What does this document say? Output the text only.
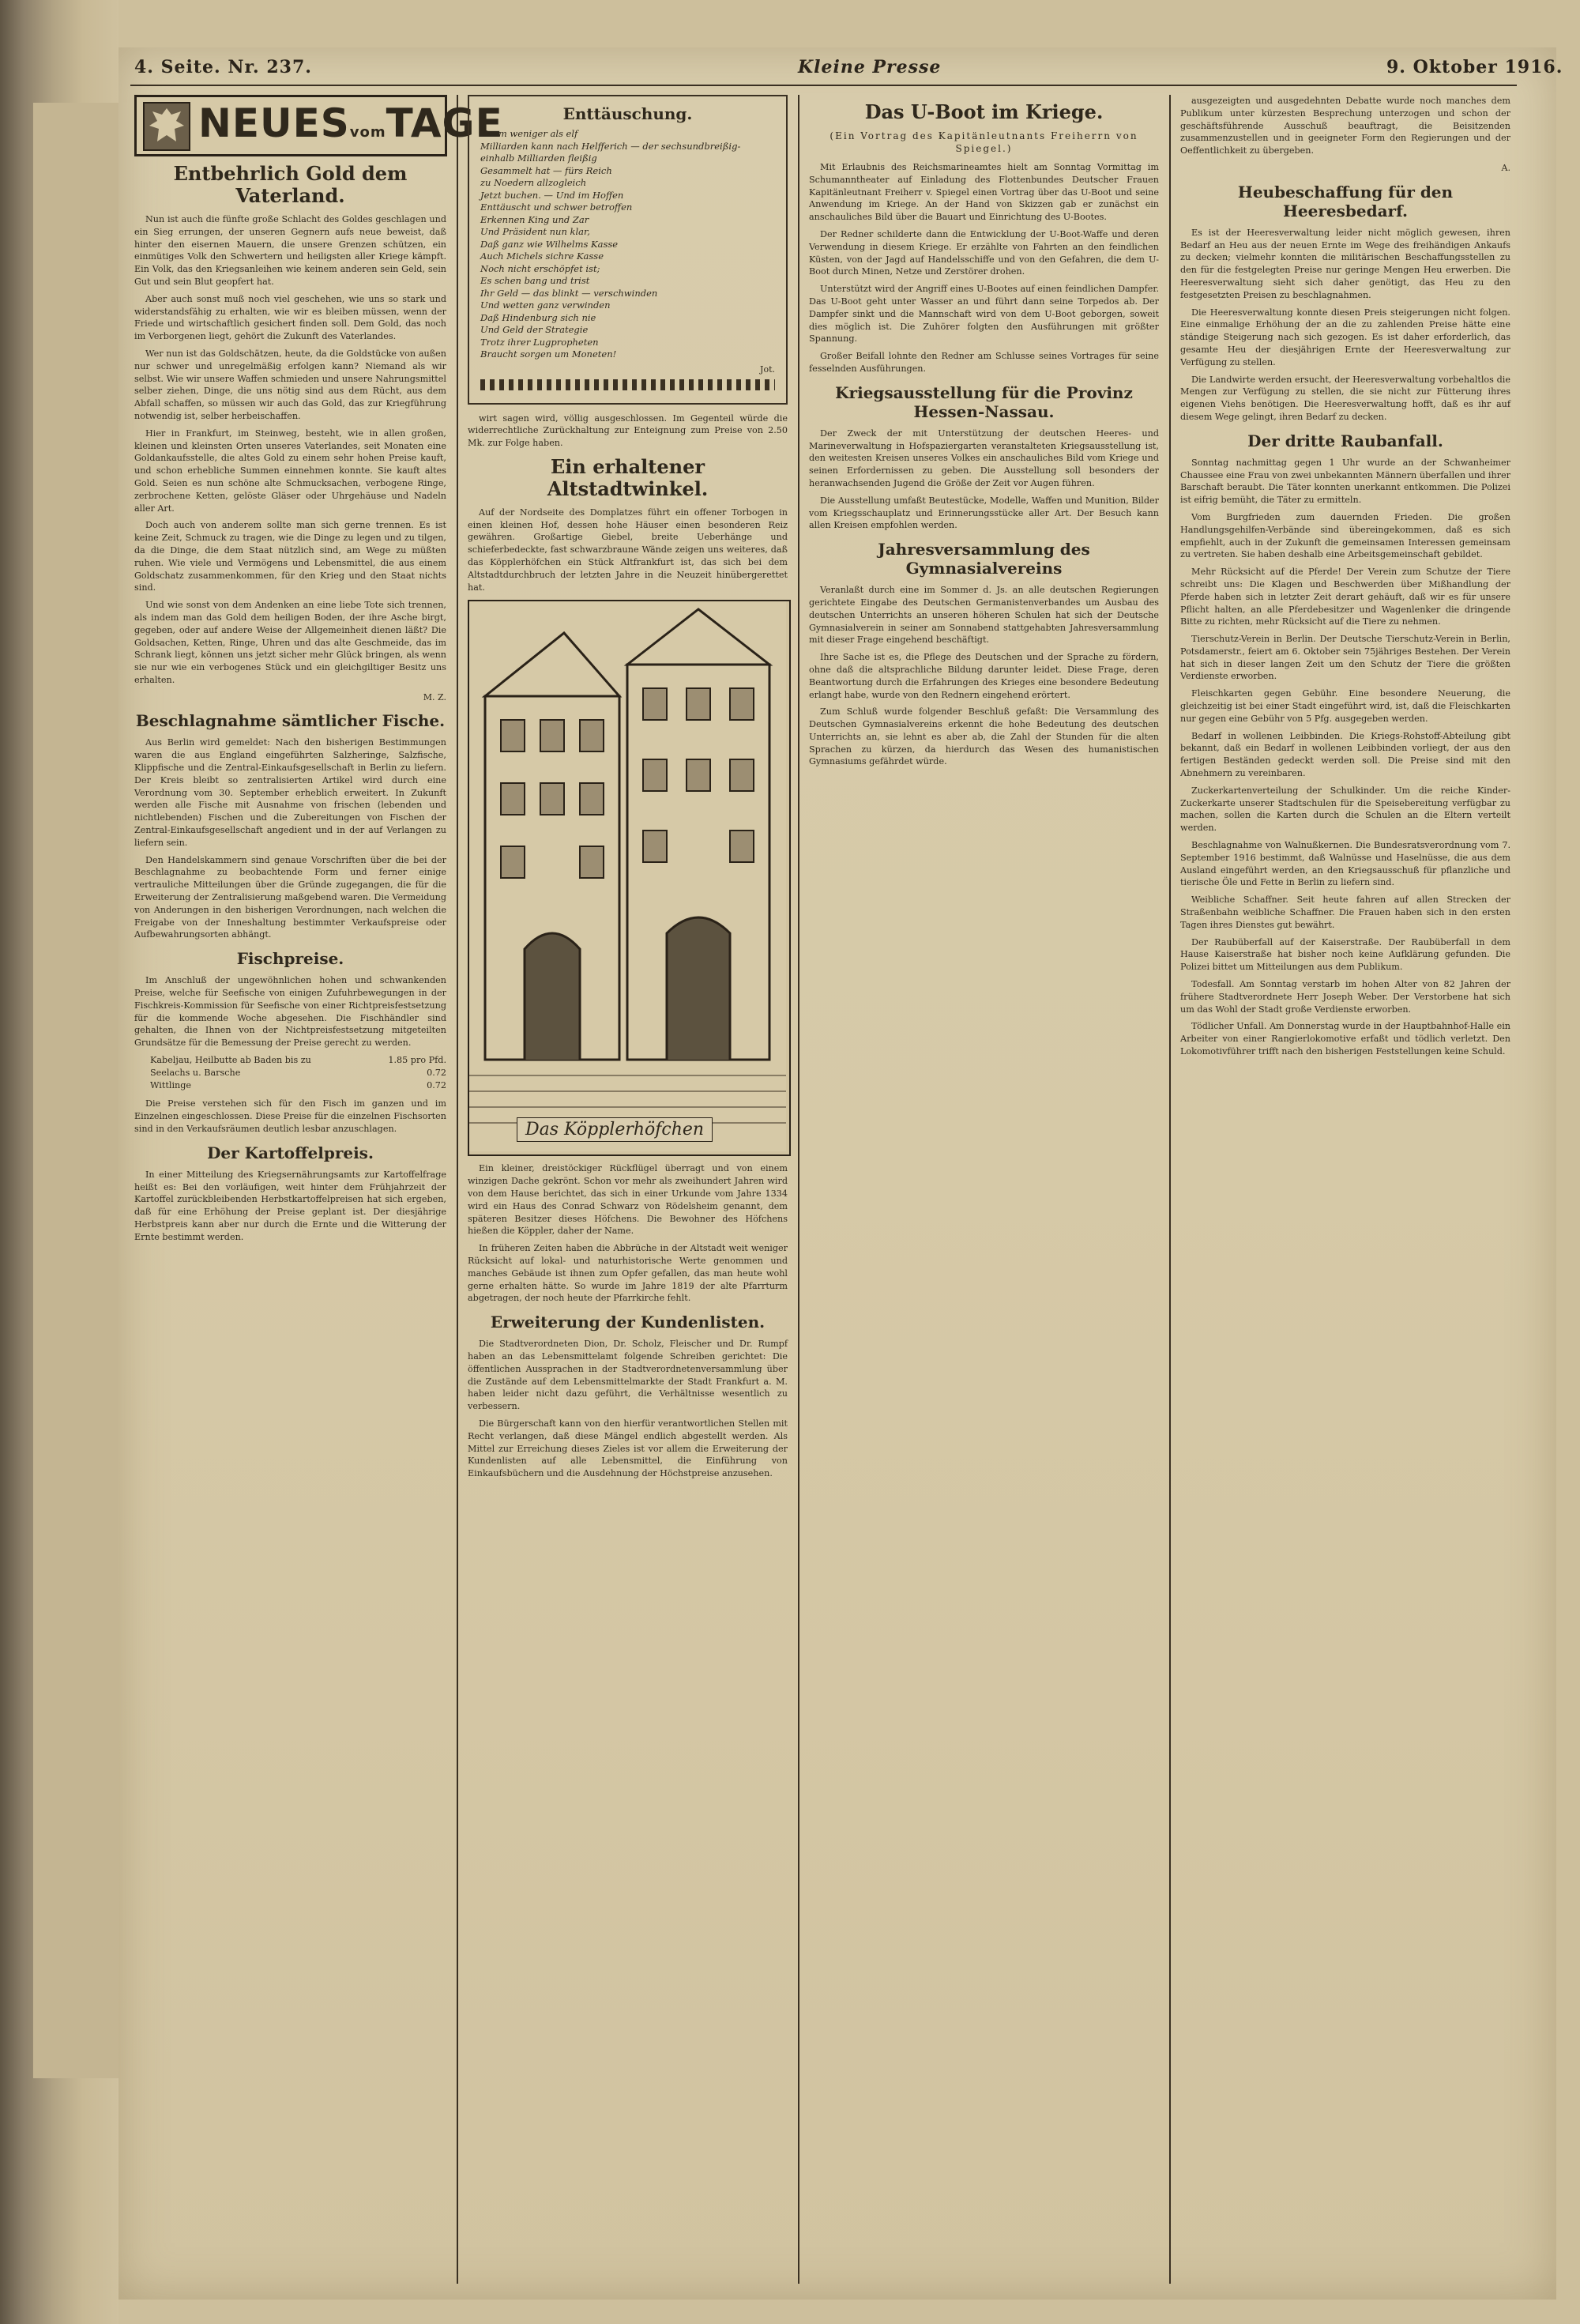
4. Seite. Nr. 237.	Kleine Presse	9. Oktober 1916.
NEUESvomTAGE
Entbehrlich Gold dem Vaterland.

Nun ist auch die fünfte große Schlacht des Goldes geschlagen und ein Sieg errungen, der unseren Gegnern aufs neue beweist, daß hinter den eisernen Mauern, die unsere Grenzen schützen, ein einmütiges Volk den Schwertern und heiligsten aller Kriege kämpft. Ein Volk, das den Kriegsanleihen wie keinem anderen sein Geld, sein Gut und sein Blut geopfert hat.

Aber auch sonst muß noch viel geschehen, wie uns so stark und widerstandsfähig zu erhalten, wie wir es bleiben müssen, wenn der Friede und wirtschaftlich gesichert finden soll. Dem Gold, das noch im Verborgenen liegt, gehört die Zukunft des Vaterlandes.

Wer nun ist das Goldschätzen, heute, da die Goldstücke von außen nur schwer und unregelmäßig erfolgen kann? Niemand als wir selbst. Wie wir unsere Waffen schmieden und unsere Nahrungsmittel selber ziehen, Dinge, die uns nötig sind aus dem Rücht, aus dem Abfall schaffen, so müssen wir auch das Gold, das zur Kriegführung notwendig ist, selber herbeischaffen.

Hier in Frankfurt, im Steinweg, besteht, wie in allen großen, kleinen und kleinsten Orten unseres Vaterlandes, seit Monaten eine Goldankaufsstelle, die altes Gold zu einem sehr hohen Preise kauft, und schon erhebliche Summen einnehmen konnte. Sie kauft altes Gold. Seien es nun schöne alte Schmucksachen, verbogene Ringe, zerbrochene Ketten, gelöste Gläser oder Uhrgehäuse und Nadeln aller Art.

Doch auch von anderem sollte man sich gerne trennen. Es ist keine Zeit, Schmuck zu tragen, wie die Dinge zu legen und zu tilgen, da die Dinge, die dem Staat nützlich sind, am Wege zu müßten ruhen. Wie viele und Vermögens und Lebensmittel, die aus einem Goldschatz zusammenkommen, für den Krieg und den Staat nichts sind.

Und wie sonst von dem Andenken an eine liebe Tote sich trennen, als indem man das Gold dem heiligen Boden, der ihre Asche birgt, gegeben, oder auf andere Weise der Allgemeinheit dienen läßt? Die Goldsachen, Ketten, Ringe, Uhren und das alte Geschmeide, das im Schrank liegt, können uns jetzt sicher mehr Glück bringen, als wenn sie nur wie ein verbogenes Stück und ein gleichgiltiger Besitz uns erhalten.

M. Z.

Beschlagnahme sämtlicher Fische.

Aus Berlin wird gemeldet: Nach den bisherigen Bestimmungen waren die aus England eingeführten Salzheringe, Salzfische, Klippfische und die Zentral-Einkaufsgesellschaft in Berlin zu liefern. Der Kreis bleibt so zentralisierten Artikel wird durch eine Verordnung vom 30. September erheblich erweitert. In Zukunft werden alle Fische mit Ausnahme von frischen (lebenden und nichtlebenden) Fischen und die Zubereitungen von Fischen der Zentral-Einkaufsgesellschaft angedient und in der auf Verlangen zu liefern sein.

Den Handelskammern sind genaue Vorschriften über die bei der Beschlagnahme zu beobachtende Form und ferner einige vertrauliche Mitteilungen über die Gründe zugegangen, die für die Erweiterung der Zentralisierung maßgebend waren. Die Vermeidung von Anderungen in den bisherigen Verordnungen, nach welchen die Freigabe von der Inneshaltung bestimmter Verkaufspreise oder Aufbewahrungsorten abhängt.

Fischpreise.

Im Anschluß der ungewöhnlichen hohen und schwankenden Preise, welche für Seefische von einigen Zufuhrbewegungen in der Fischkreis-Kommission für Seefische von einer Richtpreisfestsetzung für die kommende Woche abgesehen. Die Fischhändler sind gehalten, die Ihnen von der Nichtpreisfestsetzung mitgeteilten Grundsätze für die Bemessung der Preise gerecht zu werden.

Kabeljau, Heilbutte ab Baden bis zu	1.85 pro Pfd.
Seelachs u. Barsche	0.72
Wittlinge	0.72

Die Preise verstehen sich für den Fisch im ganzen und im Einzelnen eingeschlossen. Diese Preise für die einzelnen Fischsorten sind in den Verkaufsräumen deutlich lesbar anzuschlagen.

Der Kartoffelpreis.

In einer Mitteilung des Kriegsernährungsamts zur Kartoffelfrage heißt es: Bei den vorläufigen, weit hinter dem Frühjahrzeit der Kartoffel zurückbleibenden Herbstkartoffelpreisen hat sich ergeben, daß für eine Erhöhung der Preise geplant ist. Der diesjährige Herbstpreis kann aber nur durch die Ernte und die Witterung der Ernte bestimmt werden.

Enttäuschung.
Kaum weniger als elf
Milliarden kann nach Helfferich — der sechsundbreißig-
einhalb Milliarden fleißig
Gesammelt hat — fürs Reich
zu Noedern allzogleich
Jetzt buchen. — Und im Hoffen
Enttäuscht und schwer betroffen
Erkennen King und Zar
Und Präsident nun klar,
Daß ganz wie Wilhelms Kasse
Auch Michels sichre Kasse
Noch nicht erschöpfet ist;
Es schen bang und trist
Ihr Geld — das blinkt — verschwinden
Und wetten ganz verwinden
Daß Hindenburg sich nie
Und Geld der Strategie
Trotz ihrer Lugpropheten
Braucht sorgen um Moneten!
Jot.

wirt sagen wird, völlig ausgeschlossen. Im Gegenteil würde die widerrechtliche Zurückhaltung zur Enteignung zum Preise von 2.50 Mk. zur Folge haben.

Ein erhaltener Altstadtwinkel.

Auf der Nordseite des Domplatzes führt ein offener Torbogen in einen kleinen Hof, dessen hohe Häuser einen besonderen Reiz gewähren. Großartige Giebel, breite Ueberhänge und schieferbedeckte, fast schwarzbraune Wände zeigen uns weiteres, daß das Köpplerhöfchen ein Stück Altfrankfurt ist, das sich bei dem Altstadtdurchbruch der letzten Jahre in die Neuzeit hinübergerettet hat.

Das Köpplerhöfchen

Ein kleiner, dreistöckiger Rückflügel überragt und von einem winzigen Dache gekrönt. Schon vor mehr als zweihundert Jahren wird von dem Hause berichtet, das sich in einer Urkunde vom Jahre 1334 wird ein Haus des Conrad Schwarz von Rödelsheim genannt, dem späteren Besitzer dieses Höfchens. Die Bewohner des Höfchens hießen die Köppler, daher der Name.

In früheren Zeiten haben die Abbrüche in der Altstadt weit weniger Rücksicht auf lokal- und naturhistorische Werte genommen und manches Gebäude ist ihnen zum Opfer gefallen, das man heute wohl gerne erhalten hätte. So wurde im Jahre 1819 der alte Pfarrturm abgetragen, der noch heute der Pfarrkirche fehlt.

Erweiterung der Kundenlisten.

Die Stadtverordneten Dion, Dr. Scholz, Fleischer und Dr. Rumpf haben an das Lebensmittelamt folgende Schreiben gerichtet: Die öffentlichen Aussprachen in der Stadtverordnetenversammlung über die Zustände auf dem Lebensmittelmarkte der Stadt Frankfurt a. M. haben leider nicht dazu geführt, die Verhältnisse wesentlich zu verbessern.

Die Bürgerschaft kann von den hierfür verantwortlichen Stellen mit Recht verlangen, daß diese Mängel endlich abgestellt werden. Als Mittel zur Erreichung dieses Zieles ist vor allem die Erweiterung der Kundenlisten auf alle Lebensmittel, die Einführung von Einkaufsbüchern und die Ausdehnung der Höchstpreise anzusehen.

Das U-Boot im Kriege.
(Ein Vortrag des Kapitänleutnants Freiherrn von Spiegel.)

Mit Erlaubnis des Reichsmarineamtes hielt am Sonntag Vormittag im Schumanntheater auf Einladung des Flottenbundes Deutscher Frauen Kapitänleutnant Freiherr v. Spiegel einen Vortrag über das U-Boot und seine Anwendung im Kriege. An der Hand von Skizzen gab er zunächst ein anschauliches Bild über die Bauart und Einrichtung des U-Bootes.

Der Redner schilderte dann die Entwicklung der U-Boot-Waffe und deren Verwendung in diesem Kriege. Er erzählte von Fahrten an den feindlichen Küsten, von der Jagd auf Handelsschiffe und von den Gefahren, die dem U-Boot durch Minen, Netze und Zerstörer drohen.

Unterstützt wird der Angriff eines U-Bootes auf einen feindlichen Dampfer. Das U-Boot geht unter Wasser an und führt dann seine Torpedos ab. Der Dampfer sinkt und die Mannschaft wird von dem U-Boot geborgen, soweit dies möglich ist. Die Zuhörer folgten den Ausführungen mit größter Spannung.

Großer Beifall lohnte den Redner am Schlusse seines Vortrages für seine fesselnden Ausführungen.

Kriegsausstellung für die Provinz Hessen-Nassau.

Der Zweck der mit Unterstützung der deutschen Heeres- und Marineverwaltung in Hofspaziergarten veranstalteten Kriegsausstellung ist, den weitesten Kreisen unseres Volkes ein anschauliches Bild vom Kriege und seinen Erfordernissen zu geben. Die Ausstellung soll besonders der heranwachsenden Jugend die Größe der Zeit vor Augen führen.

Die Ausstellung umfaßt Beutestücke, Modelle, Waffen und Munition, Bilder vom Kriegsschauplatz und Erinnerungsstücke aller Art. Der Besuch kann allen Kreisen empfohlen werden.

Jahresversammlung des Gymnasialvereins

Veranlaßt durch eine im Sommer d. Js. an alle deutschen Regierungen gerichtete Eingabe des Deutschen Germanistenverbandes um Ausbau des deutschen Unterrichts an unseren höheren Schulen hat sich der Deutsche Gymnasialverein in seiner am Sonnabend stattgehabten Jahresversammlung mit dieser Frage eingehend beschäftigt.

Ihre Sache ist es, die Pflege des Deutschen und der Sprache zu fördern, ohne daß die altsprachliche Bildung darunter leidet. Diese Frage, deren Beantwortung durch die Erfahrungen des Krieges eine besondere Bedeutung erlangt habe, wurde von den Rednern eingehend erörtert.

Zum Schluß wurde folgender Beschluß gefaßt: Die Versammlung des Deutschen Gymnasialvereins erkennt die hohe Bedeutung des deutschen Unterrichts an, sie lehnt es aber ab, die Zahl der Stunden für die alten Sprachen zu kürzen, da hierdurch das Wesen des humanistischen Gymnasiums gefährdet würde.

ausgezeigten und ausgedehnten Debatte wurde noch manches dem Publikum unter kürzesten Besprechung unterzogen und schon der geschäftsführende Ausschuß beauftragt, die Beisitzenden zusammenzustellen und in geeigneter Form den Regierungen und der Oeffentlichkeit zu übergeben.

A.

Heubeschaffung für den Heeresbedarf.

Es ist der Heeresverwaltung leider nicht möglich gewesen, ihren Bedarf an Heu aus der neuen Ernte im Wege des freihändigen Ankaufs zu decken; vielmehr konnten die militärischen Beschaffungsstellen zu den für die festgelegten Preise nur geringe Mengen Heu erwerben. Die Heeresverwaltung sieht sich daher genötigt, das Heu zu den festgesetzten Preisen zu beschlagnahmen.

Die Heeresverwaltung konnte diesen Preis steigerungen nicht folgen. Eine einmalige Erhöhung der an die zu zahlenden Preise hätte eine ständige Steigerung nach sich gezogen. Es ist daher erforderlich, das gesamte Heu der diesjährigen Ernte der Heeresverwaltung zur Verfügung zu stellen.

Die Landwirte werden ersucht, der Heeresverwaltung vorbehaltlos die Mengen zur Verfügung zu stellen, die sie nicht zur Fütterung ihres eigenen Viehs benötigen. Die Heeresverwaltung hofft, daß es ihr auf diesem Wege gelingt, ihren Bedarf zu decken.

Der dritte Raubanfall.

Sonntag nachmittag gegen 1 Uhr wurde an der Schwanheimer Chaussee eine Frau von zwei unbekannten Männern überfallen und ihrer Barschaft beraubt. Die Täter konnten unerkannt entkommen. Die Polizei ist eifrig bemüht, die Täter zu ermitteln.

Vom Burgfrieden zum dauernden Frieden. Die großen Handlungsgehilfen-Verbände sind übereingekommen, daß es sich empfiehlt, auch in der Zukunft die gemeinsamen Interessen gemeinsam zu vertreten. Sie haben deshalb eine Arbeitsgemeinschaft gebildet.

Mehr Rücksicht auf die Pferde! Der Verein zum Schutze der Tiere schreibt uns: Die Klagen und Beschwerden über Mißhandlung der Pferde haben sich in letzter Zeit derart gehäuft, daß wir es für unsere Pflicht halten, an alle Pferdebesitzer und Wagenlenker die dringende Bitte zu richten, mehr Rücksicht auf die Tiere zu nehmen.

Tierschutz-Verein in Berlin. Der Deutsche Tierschutz-Verein in Berlin, Potsdamerstr., feiert am 6. Oktober sein 75jähriges Bestehen. Der Verein hat sich in dieser langen Zeit um den Schutz der Tiere die größten Verdienste erworben.

Fleischkarten gegen Gebühr. Eine besondere Neuerung, die gleichzeitig ist bei einer Stadt eingeführt wird, ist, daß die Fleischkarten nur gegen eine Gebühr von 5 Pfg. ausgegeben werden.

Bedarf in wollenen Leibbinden. Die Kriegs-Rohstoff-Abteilung gibt bekannt, daß ein Bedarf in wollenen Leibbinden vorliegt, der aus den fertigen Beständen gedeckt werden soll. Die Preise sind mit den Abnehmern zu vereinbaren.

Zuckerkartenverteilung der Schulkinder. Um die reiche Kinder-Zuckerkarte unserer Stadtschulen für die Speisebereitung verfügbar zu machen, sollen die Karten durch die Schulen an die Eltern verteilt werden.

Beschlagnahme von Walnußkernen. Die Bundesratsverordnung vom 7. September 1916 bestimmt, daß Walnüsse und Haselnüsse, die aus dem Ausland eingeführt werden, an den Kriegsausschuß für pflanzliche und tierische Öle und Fette in Berlin zu liefern sind.

Weibliche Schaffner. Seit heute fahren auf allen Strecken der Straßenbahn weibliche Schaffner. Die Frauen haben sich in den ersten Tagen ihres Dienstes gut bewährt.

Der Raubüberfall auf der Kaiserstraße. Der Raubüberfall in dem Hause Kaiserstraße hat bisher noch keine Aufklärung gefunden. Die Polizei bittet um Mitteilungen aus dem Publikum.

Todesfall. Am Sonntag verstarb im hohen Alter von 82 Jahren der frühere Stadtverordnete Herr Joseph Weber. Der Verstorbene hat sich um das Wohl der Stadt große Verdienste erworben.

Tödlicher Unfall. Am Donnerstag wurde in der Hauptbahnhof-Halle ein Arbeiter von einer Rangierlokomotive erfaßt und tödlich verletzt. Den Lokomotivführer trifft nach den bisherigen Feststellungen keine Schuld.
